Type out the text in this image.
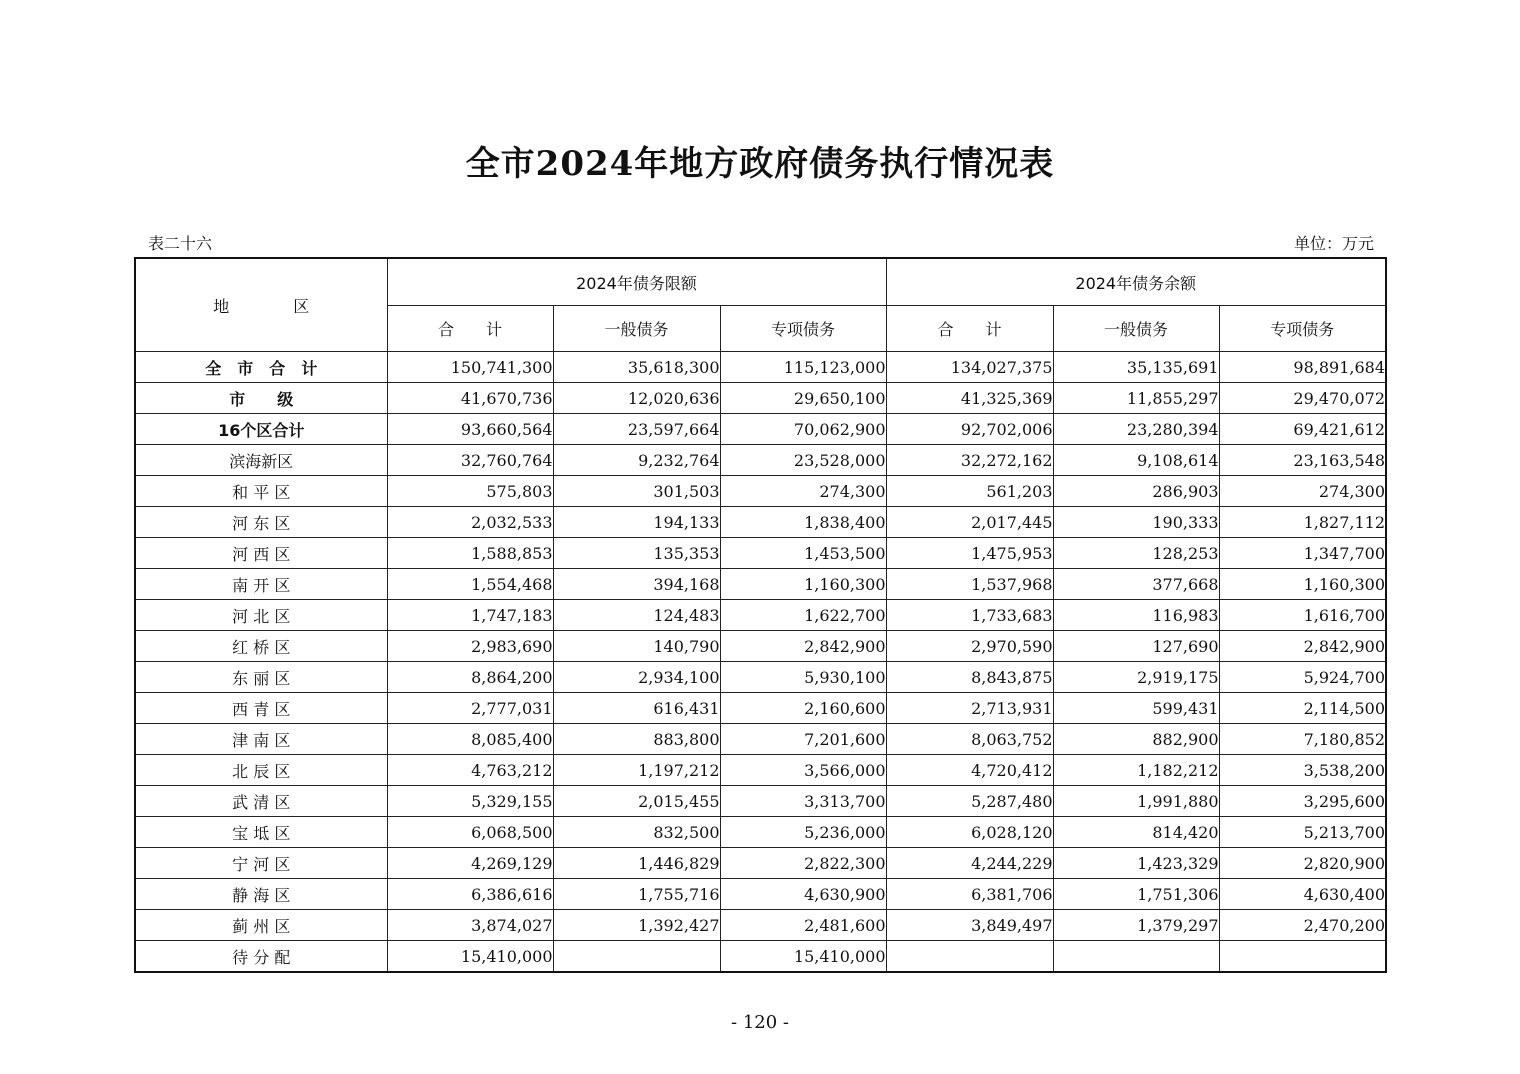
全市2024年地方政府债务执行情况表
表二十六	单位：万元
地　　　　区	2024年债务限额			2024年债务余额		
	合　　计	一般债务	专项债务	合　　计	一般债务	专项债务
全　市　合　计	150,741,300	35,618,300	115,123,000	134,027,375	35,135,691	98,891,684
市　　级	41,670,736	12,020,636	29,650,100	41,325,369	11,855,297	29,470,072
16个区合计	93,660,564	23,597,664	70,062,900	92,702,006	23,280,394	69,421,612
滨海新区	32,760,764	9,232,764	23,528,000	32,272,162	9,108,614	23,163,548
和 平 区	575,803	301,503	274,300	561,203	286,903	274,300
河 东 区	2,032,533	194,133	1,838,400	2,017,445	190,333	1,827,112
河 西 区	1,588,853	135,353	1,453,500	1,475,953	128,253	1,347,700
南 开 区	1,554,468	394,168	1,160,300	1,537,968	377,668	1,160,300
河 北 区	1,747,183	124,483	1,622,700	1,733,683	116,983	1,616,700
红 桥 区	2,983,690	140,790	2,842,900	2,970,590	127,690	2,842,900
东 丽 区	8,864,200	2,934,100	5,930,100	8,843,875	2,919,175	5,924,700
西 青 区	2,777,031	616,431	2,160,600	2,713,931	599,431	2,114,500
津 南 区	8,085,400	883,800	7,201,600	8,063,752	882,900	7,180,852
北 辰 区	4,763,212	1,197,212	3,566,000	4,720,412	1,182,212	3,538,200
武 清 区	5,329,155	2,015,455	3,313,700	5,287,480	1,991,880	3,295,600
宝 坻 区	6,068,500	832,500	5,236,000	6,028,120	814,420	5,213,700
宁 河 区	4,269,129	1,446,829	2,822,300	4,244,229	1,423,329	2,820,900
静 海 区	6,386,616	1,755,716	4,630,900	6,381,706	1,751,306	4,630,400
蓟 州 区	3,874,027	1,392,427	2,481,600	3,849,497	1,379,297	2,470,200
待 分 配	15,410,000		15,410,000			
- 120 -
